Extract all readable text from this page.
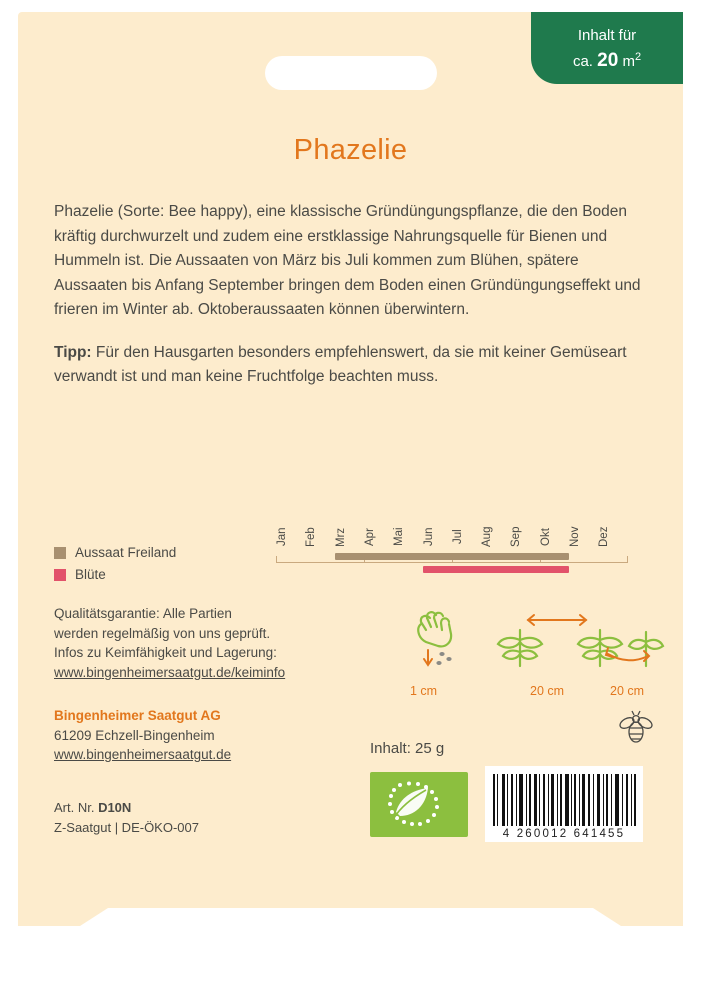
Inhalt für
ca. 20 $m^2$
Phazelie

Phazelie (Sorte: Bee happy), eine klassische Gründüngungspflanze, die den Boden kräftig durchwurzelt und zudem eine erstklassige Nahrungsquelle für Bienen und Hummeln ist. Die Aussaaten von März bis Juli kommen zum Blühen, spätere Aussaaten bis Anfang September bringen dem Boden einen Gründüngungseffekt und frieren im Winter ab. Oktoberaussaaten können überwintern.

Tipp: Für den Hausgarten besonders empfehlenswert, da sie mit keiner Gemüseart verwandt ist und man keine Fruchtfolge beachten muss.

Jan	Feb	Mrz	Apr	Mai	Jun	Jul	Aug	Sep	Okt	Nov	Dez
Aussaat Freiland
Blüte
Qualitätsgarantie: Alle Partien
werden regelmäßig von uns geprüft.
Infos zu Keimfähigkeit und Lagerung:
www.bingenheimersaatgut.de/keiminfo
1 cm	20 cm	20 cm
Bingenheimer Saatgut AG
61209 Echzell-Bingenheim
www.bingenheimersaatgut.de
Art. Nr. D10N
Z-Saatgut | DE-ÖKO-007
Inhalt: 25 g
4 260012 641455
